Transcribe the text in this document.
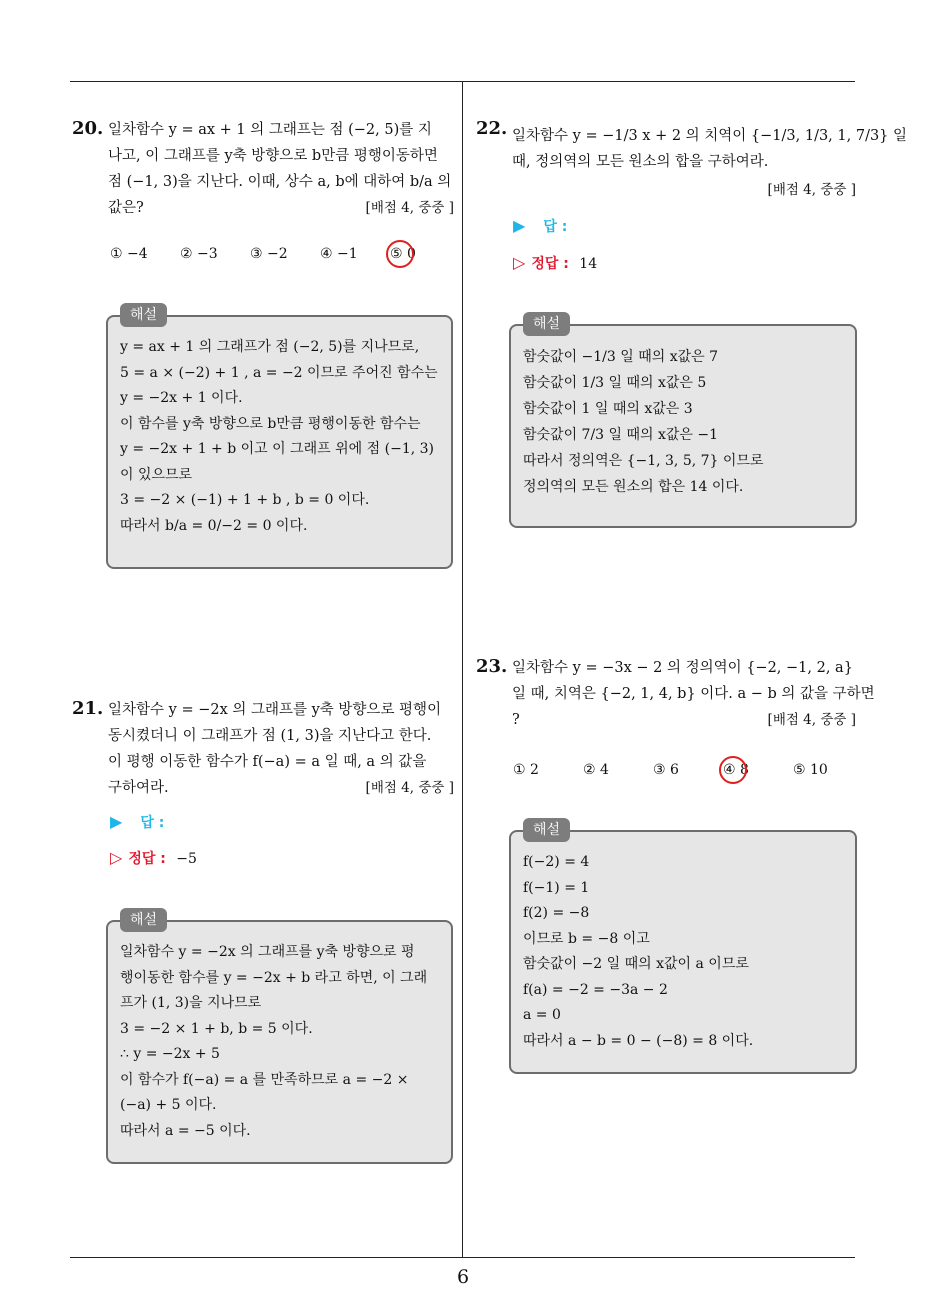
20. 일차함수 y = ax + 1 의 그래프는 점 (−2, 5)를 지
나고, 이 그래프를 y축 방향으로 b만큼 평행이동하면
점 (−1, 3)을 지난다. 이때, 상수 a, b에 대하여 b/a 의
값은?	[배점 4, 중중 ]
① −4 ② −3 ③ −2 ④ −1 ⑤ 0
해설
y = ax + 1 의 그래프가 점 (−2, 5)를 지나므로,
5 = a × (−2) + 1 , a = −2 이므로 주어진 함수는
y = −2x + 1 이다.
이 함수를 y축 방향으로 b만큼 평행이동한 함수는
y = −2x + 1 + b 이고 이 그래프 위에 점 (−1, 3)
이 있으므로
3 = −2 × (−1) + 1 + b , b = 0 이다.
따라서 b/a = 0/−2 = 0 이다.
21. 일차함수 y = −2x 의 그래프를 y축 방향으로 평행이
동시켰더니 이 그래프가 점 (1, 3)을 지난다고 한다.
이 평행 이동한 함수가 f(−a) = a 일 때, a 의 값을
구하여라.	[배점 4, 중중 ]
▶ 답 :
▷ 정답 : −5
해설
일차함수 y = −2x 의 그래프를 y축 방향으로 평
행이동한 함수를 y = −2x + b 라고 하면, 이 그래
프가 (1, 3)을 지나므로
3 = −2 × 1 + b, b = 5 이다.
∴ y = −2x + 5
이 함수가 f(−a) = a 를 만족하므로 a = −2 ×
(−a) + 5 이다.
따라서 a = −5 이다.
22. 일차함수 y = −1/3 x + 2 의 치역이 {−1/3, 1/3, 1, 7/3} 일
때, 정의역의 모든 원소의 합을 구하여라.
[배점 4, 중중 ]
▶ 답 :
▷ 정답 : 14
해설
함숫값이 −1/3 일 때의 x값은 7
함숫값이 1/3 일 때의 x값은 5
함숫값이 1 일 때의 x값은 3
함숫값이 7/3 일 때의 x값은 −1
따라서 정의역은 {−1, 3, 5, 7} 이므로
정의역의 모든 원소의 합은 14 이다.
23. 일차함수 y = −3x − 2 의 정의역이 {−2, −1, 2, a}
일 때, 치역은 {−2, 1, 4, b} 이다. a − b 의 값을 구하면
?	[배점 4, 중중 ]
① 2	② 4	③ 6	④ 8	⑤ 10
해설
f(−2) = 4
f(−1) = 1
f(2) = −8
이므로 b = −8 이고
함숫값이 −2 일 때의 x값이 a 이므로
f(a) = −2 = −3a − 2
a = 0
따라서 a − b = 0 − (−8) = 8 이다.
6
